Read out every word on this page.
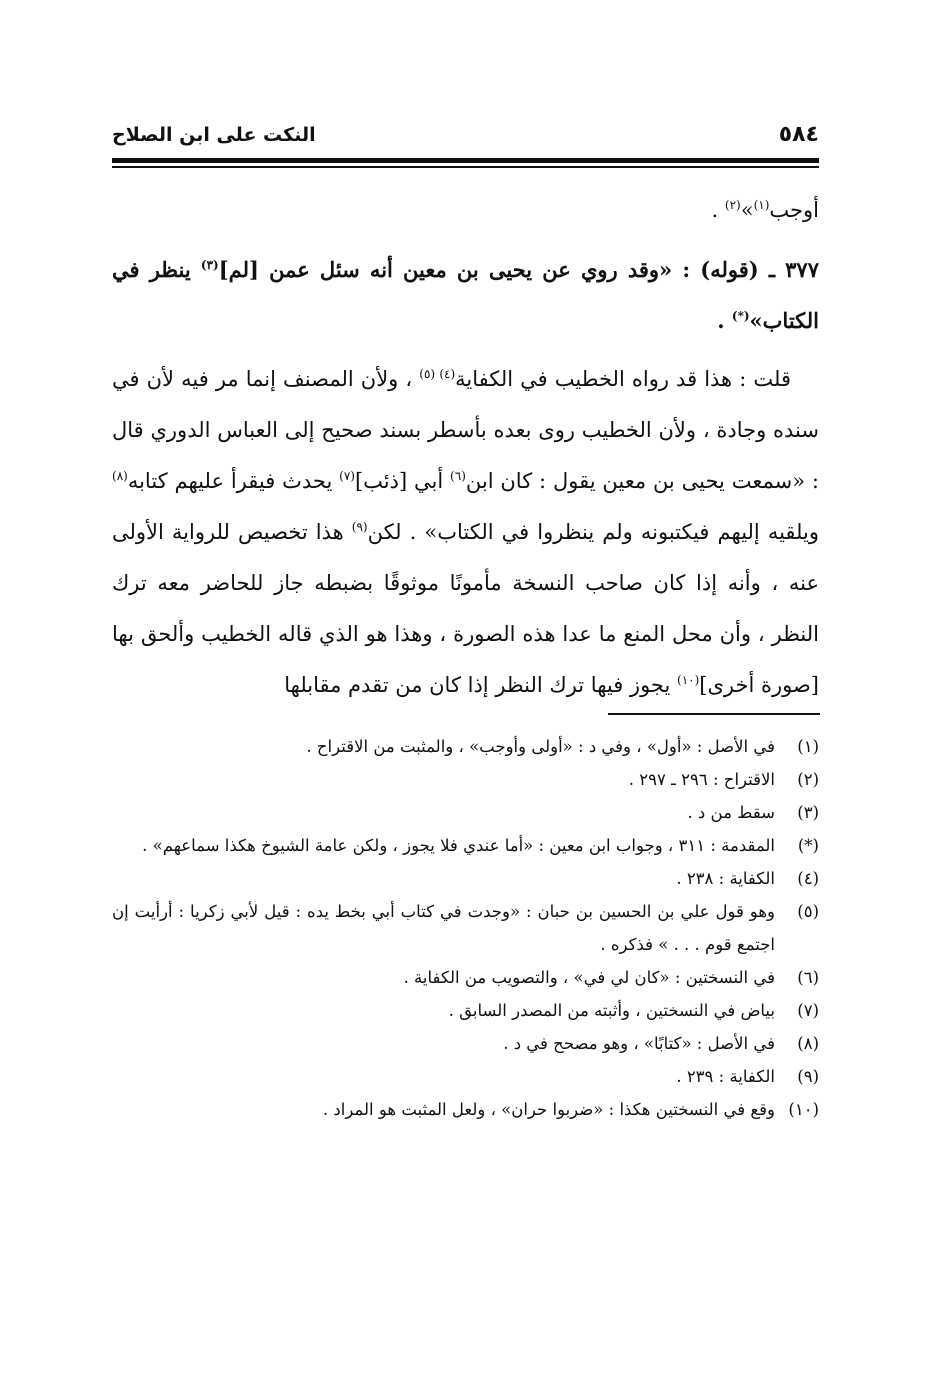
٥٨٤
النكت على ابن الصلاح

أوجب$^{(١)}$»$^{(٢)}$ .

٣٧٧ ـ (قوله) : «وقد روي عن يحيى بن معين أنه سئل عمن [لم]$^{(٣)}$ ينظر في الكتاب»(*) .

قلت : هذا قد رواه الخطيب في الكفاية$^{(٤)}$ $^{(٥)}$ ، ولأن المصنف إنما مر فيه لأن في سنده وجادة ، ولأن الخطيب روى بعده بأسطر بسند صحيح إلى العباس الدوري قال : «سمعت يحيى بن معين يقول : كان ابن$^{(٦)}$ أبي [ذئب]$^{(٧)}$ يحدث فيقرأ عليهم كتابه$^{(٨)}$ ويلقيه إليهم فيكتبونه ولم ينظروا في الكتاب» . لكن$^{(٩)}$ هذا تخصيص للرواية الأولى عنه ، وأنه إذا كان صاحب النسخة مأمونًا موثوقًا بضبطه جاز للحاضر معه ترك النظر ، وأن محل المنع ما عدا هذه الصورة ، وهذا هو الذي قاله الخطيب وألحق بها [صورة أخرى]$^{(١٠)}$ يجوز فيها ترك النظر إذا كان من تقدم مقابلها

(١)
في الأصل : «أول» ، وفي د : «أولى وأوجب» ، والمثبت من الاقتراح .
(٢)
الاقتراح : ٢٩٦ ـ ٢٩٧ .
(٣)
سقط من د .
(*)
المقدمة : ٣١١ ، وجواب ابن معين : «أما عندي فلا يجوز ، ولكن عامة الشيوخ هكذا سماعهم» .
(٤)
الكفاية : ٢٣٨ .
(٥)
وهو قول علي بن الحسين بن حبان : «وجدت في كتاب أبي بخط يده : قيل لأبي زكريا : أرأيت إن اجتمع قوم . . . » فذكره .
(٦)
في النسختين : «كان لي في» ، والتصويب من الكفاية .
(٧)
بياض في النسختين ، وأثبته من المصدر السابق .
(٨)
في الأصل : «كتابًا» ، وهو مصحح في د .
(٩)
الكفاية : ٢٣٩ .
(١٠)
وقع في النسختين هكذا : «ضربوا حران» ، ولعل المثبت هو المراد .
